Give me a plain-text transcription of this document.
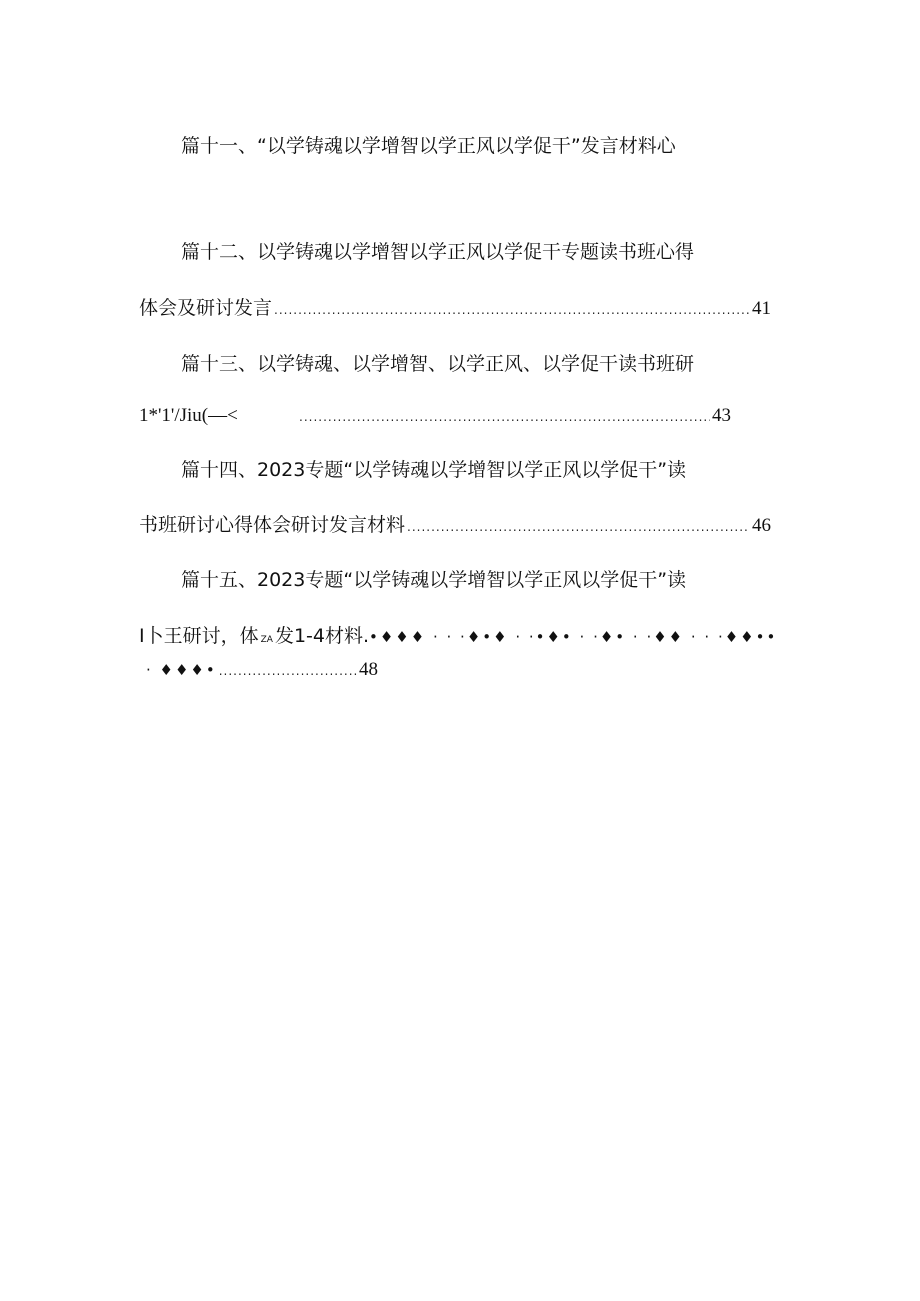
篇十一、“以学铸魂以学增智以学正风以学促干”发言材料心
篇十二、以学铸魂以学增智以学正风以学促干专题读书班心得
体会及研讨发言 .....	41
篇十三、以学铸魂、以学增智、以学正风、以学促干读书班研
1*'1'/Jiu(—< .....	43
篇十四、2023专题“以学铸魂以学增智以学正风以学促干”读
书班研讨心得体会研讨发言材料 .....	46
篇十五、2023专题“以学铸魂以学增智以学正风以学促干”读
I卜王研讨，体 ZA 发1-4材料. •♦♦♦ · · ·♦•♦ · ·•♦• · ·♦• · ·♦♦ · · ·♦♦••
· ♦♦♦• .....	48
